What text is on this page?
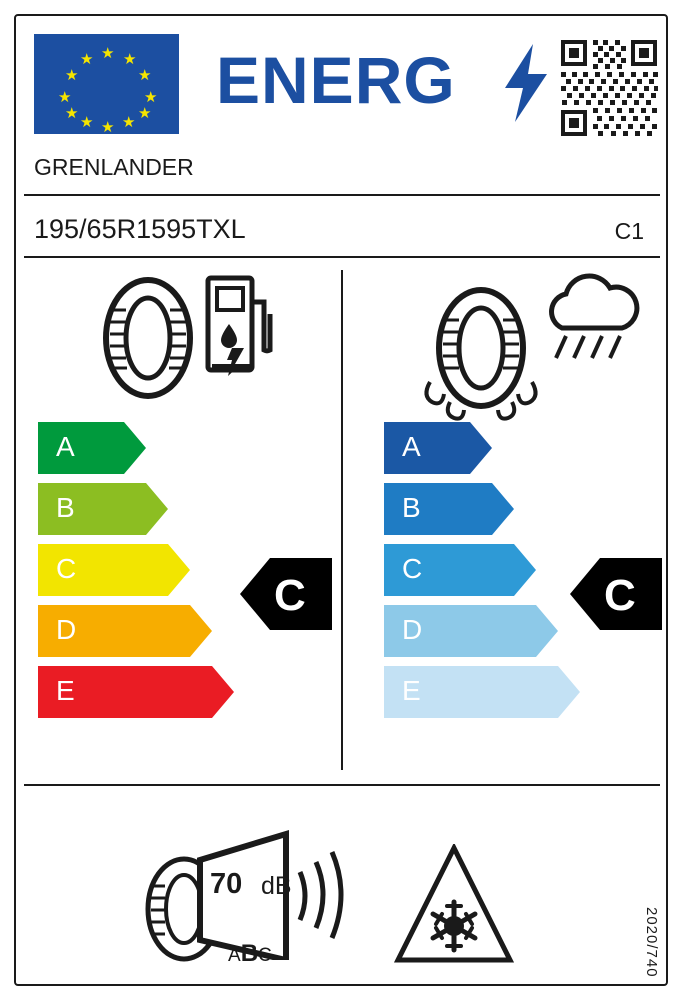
★ ★
★
★
★
★
★
★
★
★
★
★ ENERG
GRENLANDER
195/65R1595TXL	C1
A
B
C
D
E
C
A
B
C
D
E
C
70 dB
ABC	2020/740
